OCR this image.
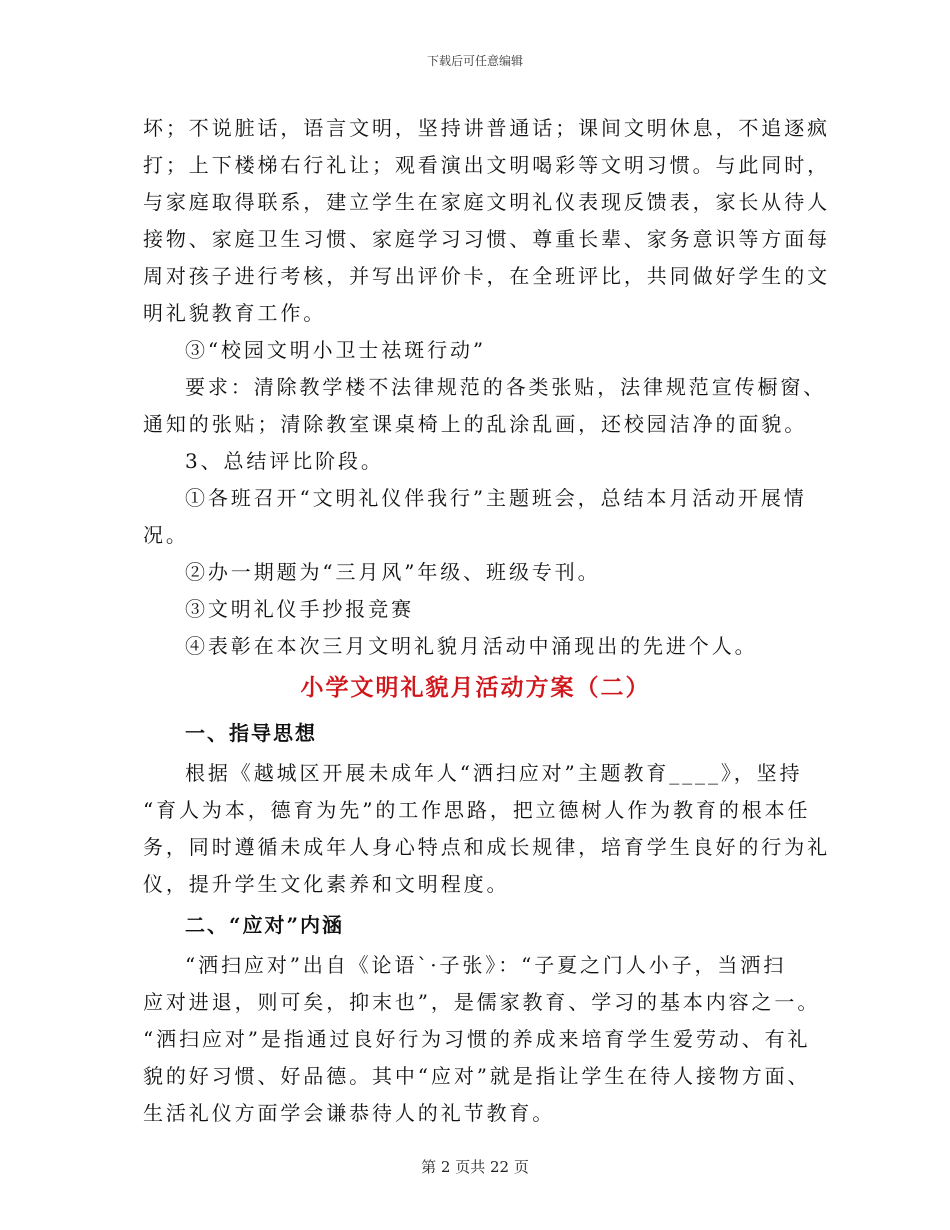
下载后可任意编辑
坏；不说脏话，语言文明，坚持讲普通话；课间文明休息，不追逐疯
打；上下楼梯右行礼让；观看演出文明喝彩等文明习惯。与此同时，
与家庭取得联系，建立学生在家庭文明礼仪表现反馈表，家长从待人
接物、家庭卫生习惯、家庭学习习惯、尊重长辈、家务意识等方面每
周对孩子进行考核，并写出评价卡，在全班评比，共同做好学生的文
明礼貌教育工作。
③“校园文明小卫士祛斑行动”
要求：清除教学楼不法律规范的各类张贴，法律规范宣传橱窗、
通知的张贴；清除教室课桌椅上的乱涂乱画，还校园洁净的面貌。
3、总结评比阶段。
①各班召开“文明礼仪伴我行”主题班会，总结本月活动开展情
况。
②办一期题为“三月风”年级、班级专刊。
③文明礼仪手抄报竞赛
④表彰在本次三月文明礼貌月活动中涌现出的先进个人。
小学文明礼貌月活动方案（二）
一、指导思想
根据《越城区开展未成年人“洒扫应对”主题教育____》，坚持
“育人为本，德育为先”的工作思路，把立德树人作为教育的根本任
务，同时遵循未成年人身心特点和成长规律，培育学生良好的行为礼
仪，提升学生文化素养和文明程度。
二、“应对”内涵
“洒扫应对”出自《论语`·子张》：“子夏之门人小子，当洒扫
应对进退，则可矣，抑末也”，是儒家教育、学习的基本内容之一。
“洒扫应对”是指通过良好行为习惯的养成来培育学生爱劳动、有礼
貌的好习惯、好品德。其中“应对”就是指让学生在待人接物方面、
生活礼仪方面学会谦恭待人的礼节教育。
第 2 页共 22 页
